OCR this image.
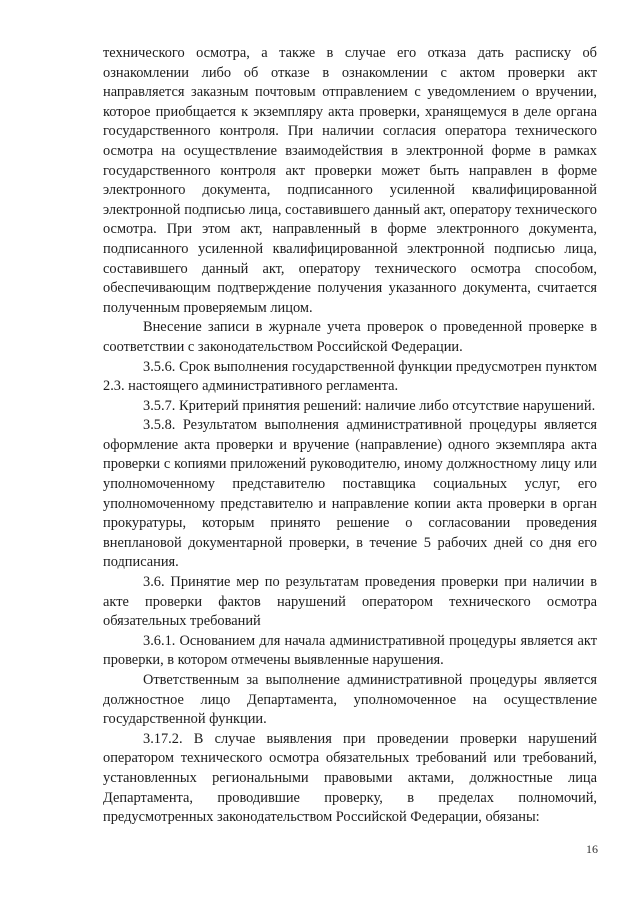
технического осмотра, а также в случае его отказа дать расписку об ознакомлении либо об отказе в ознакомлении с актом проверки акт направляется заказным почтовым отправлением с уведомлением о вручении, которое приобщается к экземпляру акта проверки, хранящемуся в деле органа государственного контроля. При наличии согласия оператора технического осмотра на осуществление взаимодействия в электронной форме в рамках государственного контроля акт проверки может быть направлен в форме электронного документа, подписанного усиленной квалифицированной электронной подписью лица, составившего данный акт, оператору технического осмотра. При этом акт, направленный в форме электронного документа, подписанного усиленной квалифицированной электронной подписью лица, составившего данный акт, оператору технического осмотра способом, обеспечивающим подтверждение получения указанного документа, считается полученным проверяемым лицом.

Внесение записи в журнале учета проверок о проведенной проверке в соответствии с законодательством Российской Федерации.

3.5.6. Срок выполнения государственной функции предусмотрен пунктом 2.3. настоящего административного регламента.

3.5.7. Критерий принятия решений: наличие либо отсутствие нарушений.

3.5.8. Результатом выполнения административной процедуры является оформление акта проверки и вручение (направление) одного экземпляра акта проверки с копиями приложений руководителю, иному должностному лицу или уполномоченному представителю поставщика социальных услуг, его уполномоченному представителю и направление копии акта проверки в орган прокуратуры, которым принято решение о согласовании проведения внеплановой документарной проверки, в течение 5 рабочих дней со дня его подписания.

3.6. Принятие мер по результатам проведения проверки при наличии в акте проверки фактов нарушений оператором технического осмотра обязательных требований

3.6.1. Основанием для начала административной процедуры является акт проверки, в котором отмечены выявленные нарушения.

Ответственным за выполнение административной процедуры является должностное лицо Департамента, уполномоченное на осуществление государственной функции.

3.17.2. В случае выявления при проведении проверки нарушений оператором технического осмотра обязательных требований или требований, установленных региональными правовыми актами, должностные лица Департамента, проводившие проверку, в пределах полномочий, предусмотренных законодательством Российской Федерации, обязаны:

16
